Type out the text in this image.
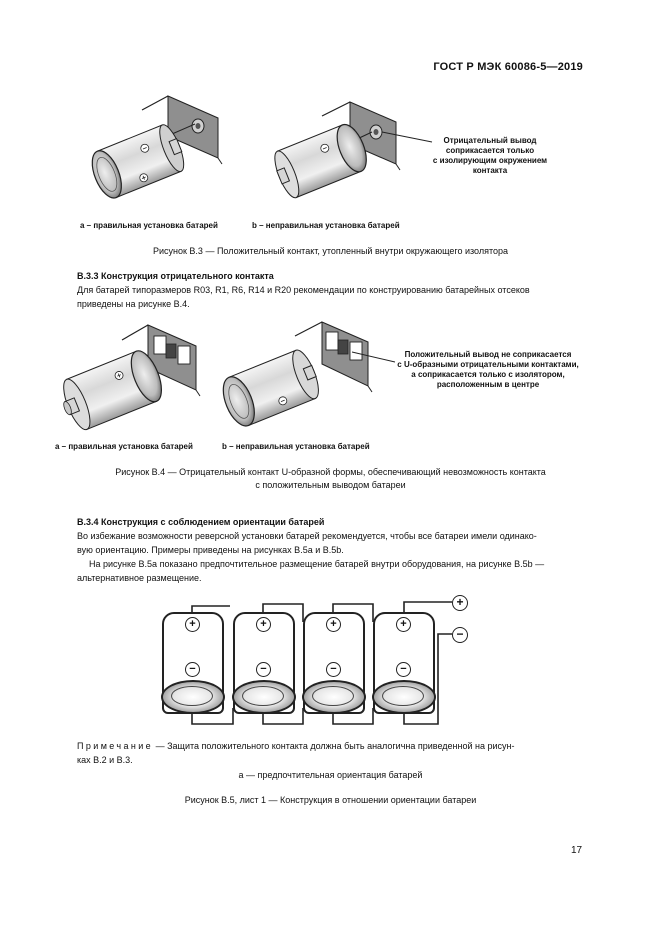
ГОСТ Р МЭК 60086-5—2019
a – правильная установка батарей	b – неправильная установка батарей
Отрицательный вывод
соприкасается только
с изолирующим окружением
контакта
Рисунок В.3 — Положительный контакт, утопленный внутри окружающего изолятора
В.3.3 Конструкция отрицательного контакта
Для батарей типоразмеров R03, R1, R6, R14 и R20 рекомендации по конструированию батарейных отсеков
приведены на рисунке В.4.
a – правильная установка батарей	b – неправильная установка батарей
Положительный вывод не соприкасается
с U-образными отрицательными контактами,
а соприкасается только с изолятором,
расположенным в центре
Рисунок В.4 — Отрицательный контакт U-образной формы, обеспечивающий невозможность контакта
с положительным выводом батареи
В.3.4 Конструкция с соблюдением ориентации батарей
Во избежание возможности реверсной установки батарей рекомендуется, чтобы все батареи имели одинако-
вую ориентацию. Примеры приведены на рисунках В.5a и В.5b.
На рисунке В.5a показано предпочтительное размещение батарей внутри оборудования, на рисунке В.5b —
альтернативное размещение.
+
−
+
−
+
−
+
−
+
−
Примечание — Защита положительного контакта должна быть аналогична приведенной на рисун-
ках В.2 и В.3.
a — предпочтительная ориентация батарей
Рисунок В.5, лист 1 — Конструкция в отношении ориентации батареи
17
